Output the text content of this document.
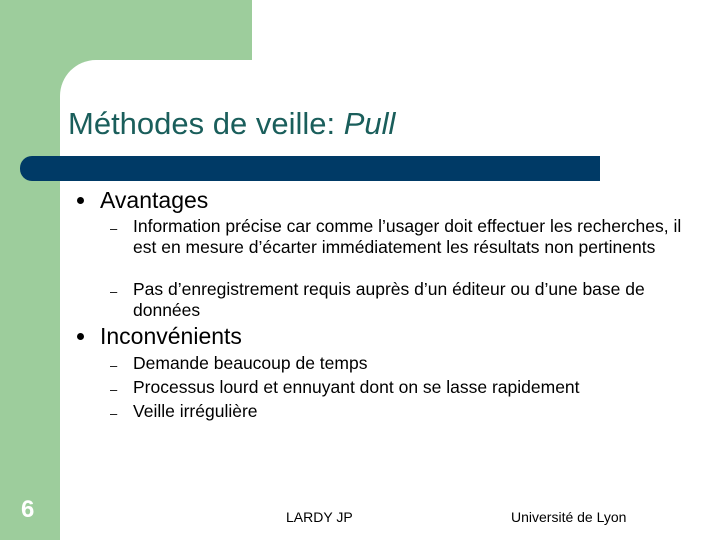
Méthodes de veille: Pull
Avantages
– Information précise car comme l’usager doit effectuer les recherches, il est en mesure d’écarter immédiatement les résultats non pertinents
– Pas d’enregistrement requis auprès d’un éditeur ou d’une base de données
Inconvénients
– Demande beaucoup de temps
– Processus lourd et ennuyant dont on se lasse rapidement
– Veille irrégulière
6	LARDY JP	Université de Lyon
